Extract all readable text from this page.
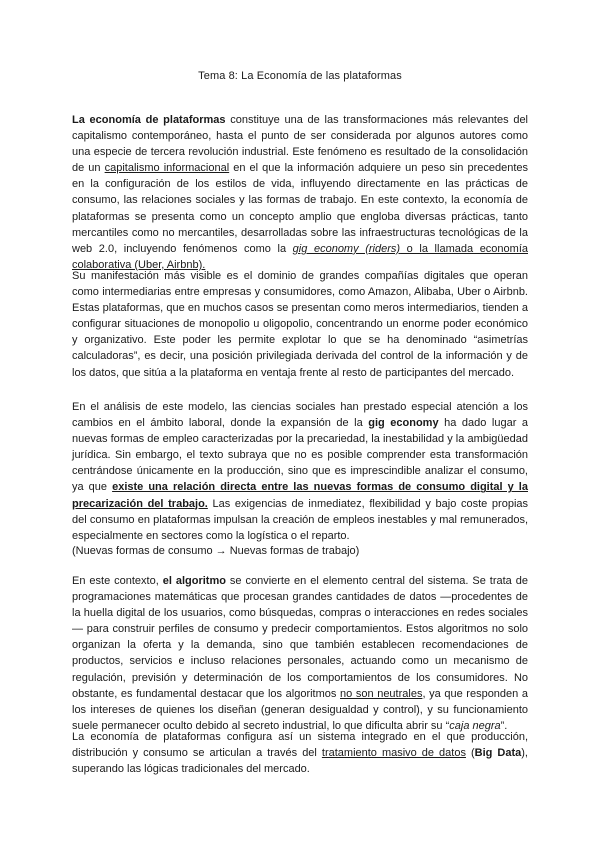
Tema 8: La Economía de las plataformas

La economía de plataformas constituye una de las transformaciones más relevantes del capitalismo contemporáneo, hasta el punto de ser considerada por algunos autores como una especie de tercera revolución industrial. Este fenómeno es resultado de la consolidación de un capitalismo informacional en el que la información adquiere un peso sin precedentes en la configuración de los estilos de vida, influyendo directamente en las prácticas de consumo, las relaciones sociales y las formas de trabajo. En este contexto, la economía de plataformas se presenta como un concepto amplio que engloba diversas prácticas, tanto mercantiles como no mercantiles, desarrolladas sobre las infraestructuras tecnológicas de la web 2.0, incluyendo fenómenos como la gig economy (riders) o la llamada economía colaborativa (Uber, Airbnb).

Su manifestación más visible es el dominio de grandes compañías digitales que operan como intermediarias entre empresas y consumidores, como Amazon, Alibaba, Uber o Airbnb. Estas plataformas, que en muchos casos se presentan como meros intermediarios, tienden a configurar situaciones de monopolio u oligopolio, concentrando un enorme poder económico y organizativo. Este poder les permite explotar lo que se ha denominado “asimetrías calculadoras”, es decir, una posición privilegiada derivada del control de la información y de los datos, que sitúa a la plataforma en ventaja frente al resto de participantes del mercado.

En el análisis de este modelo, las ciencias sociales han prestado especial atención a los cambios en el ámbito laboral, donde la expansión de la gig economy ha dado lugar a nuevas formas de empleo caracterizadas por la precariedad, la inestabilidad y la ambigüedad jurídica. Sin embargo, el texto subraya que no es posible comprender esta transformación centrándose únicamente en la producción, sino que es imprescindible analizar el consumo, ya que existe una relación directa entre las nuevas formas de consumo digital y la precarización del trabajo. Las exigencias de inmediatez, flexibilidad y bajo coste propias del consumo en plataformas impulsan la creación de empleos inestables y mal remunerados, especialmente en sectores como la logística o el reparto.

(Nuevas formas de consumo → Nuevas formas de trabajo)

En este contexto, el algoritmo se convierte en el elemento central del sistema. Se trata de programaciones matemáticas que procesan grandes cantidades de datos —procedentes de la huella digital de los usuarios, como búsquedas, compras o interacciones en redes sociales— para construir perfiles de consumo y predecir comportamientos. Estos algoritmos no solo organizan la oferta y la demanda, sino que también establecen recomendaciones de productos, servicios e incluso relaciones personales, actuando como un mecanismo de regulación, previsión y determinación de los comportamientos de los consumidores. No obstante, es fundamental destacar que los algoritmos no son neutrales, ya que responden a los intereses de quienes los diseñan (generan desigualdad y control), y su funcionamiento suele permanecer oculto debido al secreto industrial, lo que dificulta abrir su “caja negra”.

La economía de plataformas configura así un sistema integrado en el que producción, distribución y consumo se articulan a través del tratamiento masivo de datos (Big Data), superando las lógicas tradicionales del mercado.
